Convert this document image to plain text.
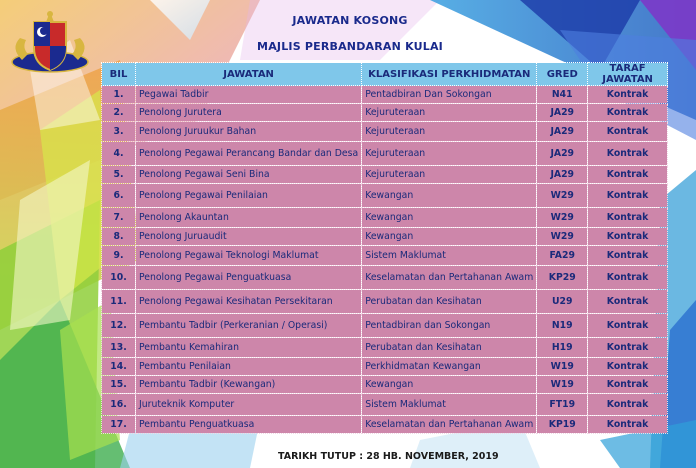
JAWATAN KOSONG
MAJLIS PERBANDARAN KULAI
BIL	JAWATAN	KLASIFIKASI PERKHIDMATAN	GRED	TARAF JAWATAN
1.	Pegawai Tadbir	Pentadbiran Dan Sokongan	N41	Kontrak
2.	Penolong Jurutera	Kejuruteraan	JA29	Kontrak
3.	Penolong Juruukur Bahan	Kejuruteraan	JA29	Kontrak
4.	Penolong Pegawai Perancang Bandar dan Desa	Kejuruteraan	JA29	Kontrak
5.	Penolong Pegawai Seni Bina	Kejuruteraan	JA29	Kontrak
6.	Penolong Pegawai Penilaian	Kewangan	W29	Kontrak
7.	Penolong Akauntan	Kewangan	W29	Kontrak
8.	Penolong Juruaudit	Kewangan	W29	Kontrak
9.	Penolong Pegawai Teknologi Maklumat	Sistem Maklumat	FA29	Kontrak
10.	Penolong Pegawai Penguatkuasa	Keselamatan dan Pertahanan Awam	KP29	Kontrak
11.	Penolong Pegawai Kesihatan Persekitaran	Perubatan dan Kesihatan	U29	Kontrak
12.	Pembantu Tadbir (Perkeranian / Operasi)	Pentadbiran dan Sokongan	N19	Kontrak
13.	Pembantu Kemahiran	Perubatan dan Kesihatan	H19	Kontrak
14.	Pembantu Penilaian	Perkhidmatan Kewangan	W19	Kontrak
15.	Pembantu Tadbir (Kewangan)	Kewangan	W19	Kontrak
16.	Juruteknik Komputer	Sistem Maklumat	FT19	Kontrak
17.	Pembantu Penguatkuasa	Keselamatan dan Pertahanan Awam	KP19	Kontrak
TARIKH TUTUP : 28 HB. NOVEMBER, 2019
